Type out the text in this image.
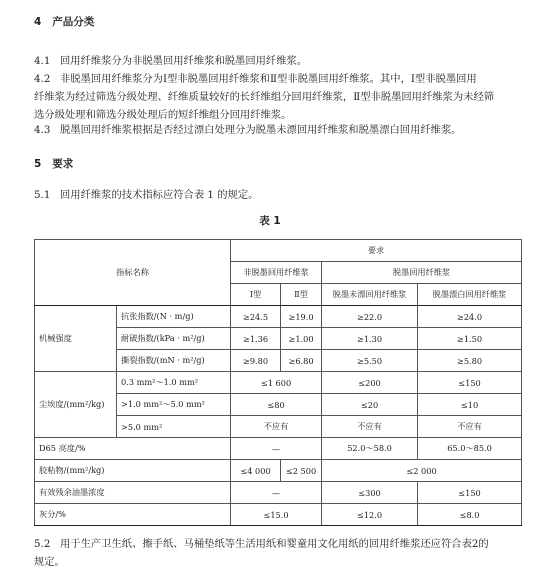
4 产品分类
4.1 回用纤维浆分为非脱墨回用纤维浆和脱墨回用纤维浆。
4.2 非脱墨回用纤维浆分为Ⅰ型非脱墨回用纤维浆和Ⅱ型非脱墨回用纤维浆。其中，Ⅰ型非脱墨回用
纤维浆为经过筛选分级处理、纤维质量较好的长纤维组分回用纤维浆，Ⅱ型非脱墨回用纤维浆为未经筛
选分级处理和筛选分级处理后的短纤维组分回用纤维浆。
4.3 脱墨回用纤维浆根据是否经过漂白处理分为脱墨未漂回用纤维浆和脱墨漂白回用纤维浆。
5 要求
5.1 回用纤维浆的技术指标应符合表 1 的规定。
表 1
指标名称		要求			
		非脱墨回用纤维浆		脱墨回用纤维浆	
		Ⅰ型	Ⅱ型	脱墨未漂回用纤维浆	脱墨漂白回用纤维浆
机械强度	抗张指数/(N · m/g)	≥24.5	≥19.0	≥22.0	≥24.0
	耐破指数/(kPa · m²/g)	≥1.36	≥1.00	≥1.30	≥1.50
	撕裂指数/(mN · m²/g)	≥9.80	≥6.80	≥5.50	≥5.80
尘埃度/(mm²/kg)	0.3 mm²～1.0 mm²	≤1 600		≤200	≤150
	>1.0 mm²～5.0 mm²	≤80		≤20	≤10
	>5.0 mm²	不应有		不应有	不应有
D65 亮度/%		—		52.0～58.0	65.0～85.0
胶粘物/(mm²/kg)		≤4 000	≤2 500	≤2 000	
有效残余油墨浓度		—		≤300	≤150
灰分/%		≤15.0		≤12.0	≤8.0
5.2 用于生产卫生纸、擦手纸、马桶垫纸等生活用纸和婴童用文化用纸的回用纤维浆还应符合表2的
规定。
